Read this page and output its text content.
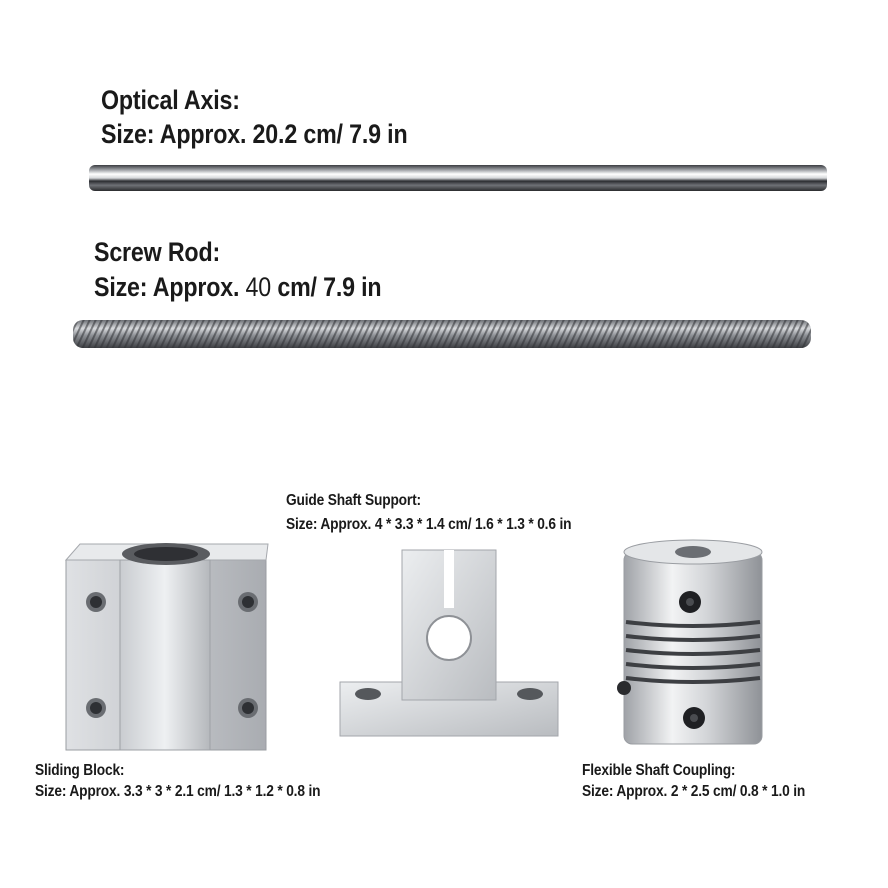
Optical Axis:
Size: Approx. 20.2 cm/ 7.9 in
Screw Rod:
Size: Approx. 40 cm/ 7.9 in
Guide Shaft Support:
Size: Approx. 4 * 3.3 * 1.4 cm/ 1.6 * 1.3 * 0.6 in
Sliding Block:
Size: Approx. 3.3 * 3 * 2.1 cm/ 1.3 * 1.2 * 0.8 in
Flexible Shaft Coupling:
Size: Approx. 2 * 2.5 cm/ 0.8 * 1.0 in
